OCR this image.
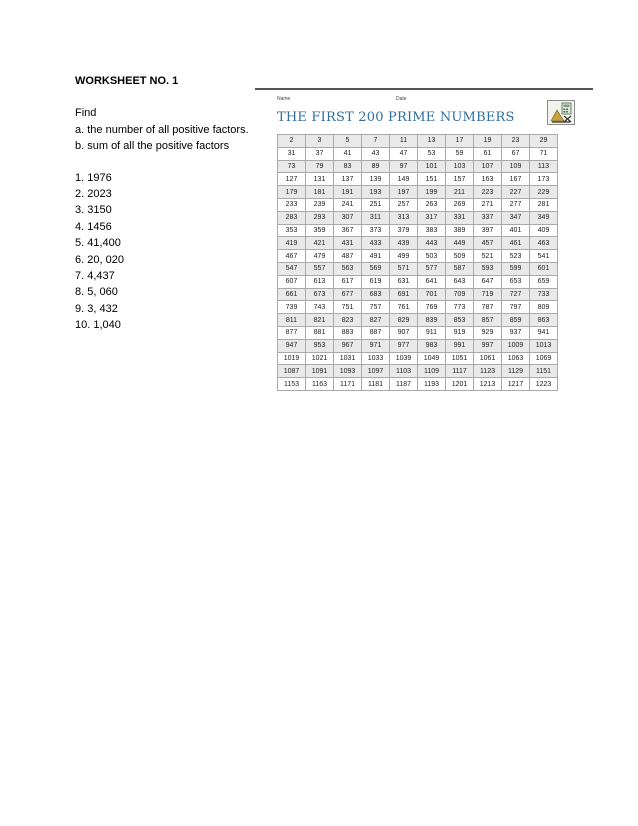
WORKSHEET NO. 1
Find
a. the number of all positive factors.
b. sum of all the positive factors
1. 1976
2. 2023
3. 3150
4. 1456
5. 41,400
6. 20, 020
7. 4,437
8. 5, 060
9. 3, 432
10. 1,040
Name	Date
THE FIRST 200 PRIME NUMBERS
2	3	5	7	11	13	17	19	23	29
31	37	41	43	47	53	59	61	67	71
73	79	83	89	97	101	103	107	109	113
127	131	137	139	149	151	157	163	167	173
179	181	191	193	197	199	211	223	227	229
233	239	241	251	257	263	269	271	277	281
283	293	307	311	313	317	331	337	347	349
353	359	367	373	379	383	389	397	401	409
419	421	431	433	439	443	449	457	461	463
467	479	487	491	499	503	509	521	523	541
547	557	563	569	571	577	587	593	599	601
607	613	617	619	631	641	643	647	653	659
661	673	677	683	691	701	709	719	727	733
739	743	751	757	761	769	773	787	797	809
811	821	823	827	829	839	853	857	859	863
877	881	883	887	907	911	919	929	937	941
947	953	967	971	977	983	991	997	1009	1013
1019	1021	1031	1033	1039	1049	1051	1061	1063	1069
1087	1091	1093	1097	1103	1109	1117	1123	1129	1151
1153	1163	1171	1181	1187	1193	1201	1213	1217	1223
